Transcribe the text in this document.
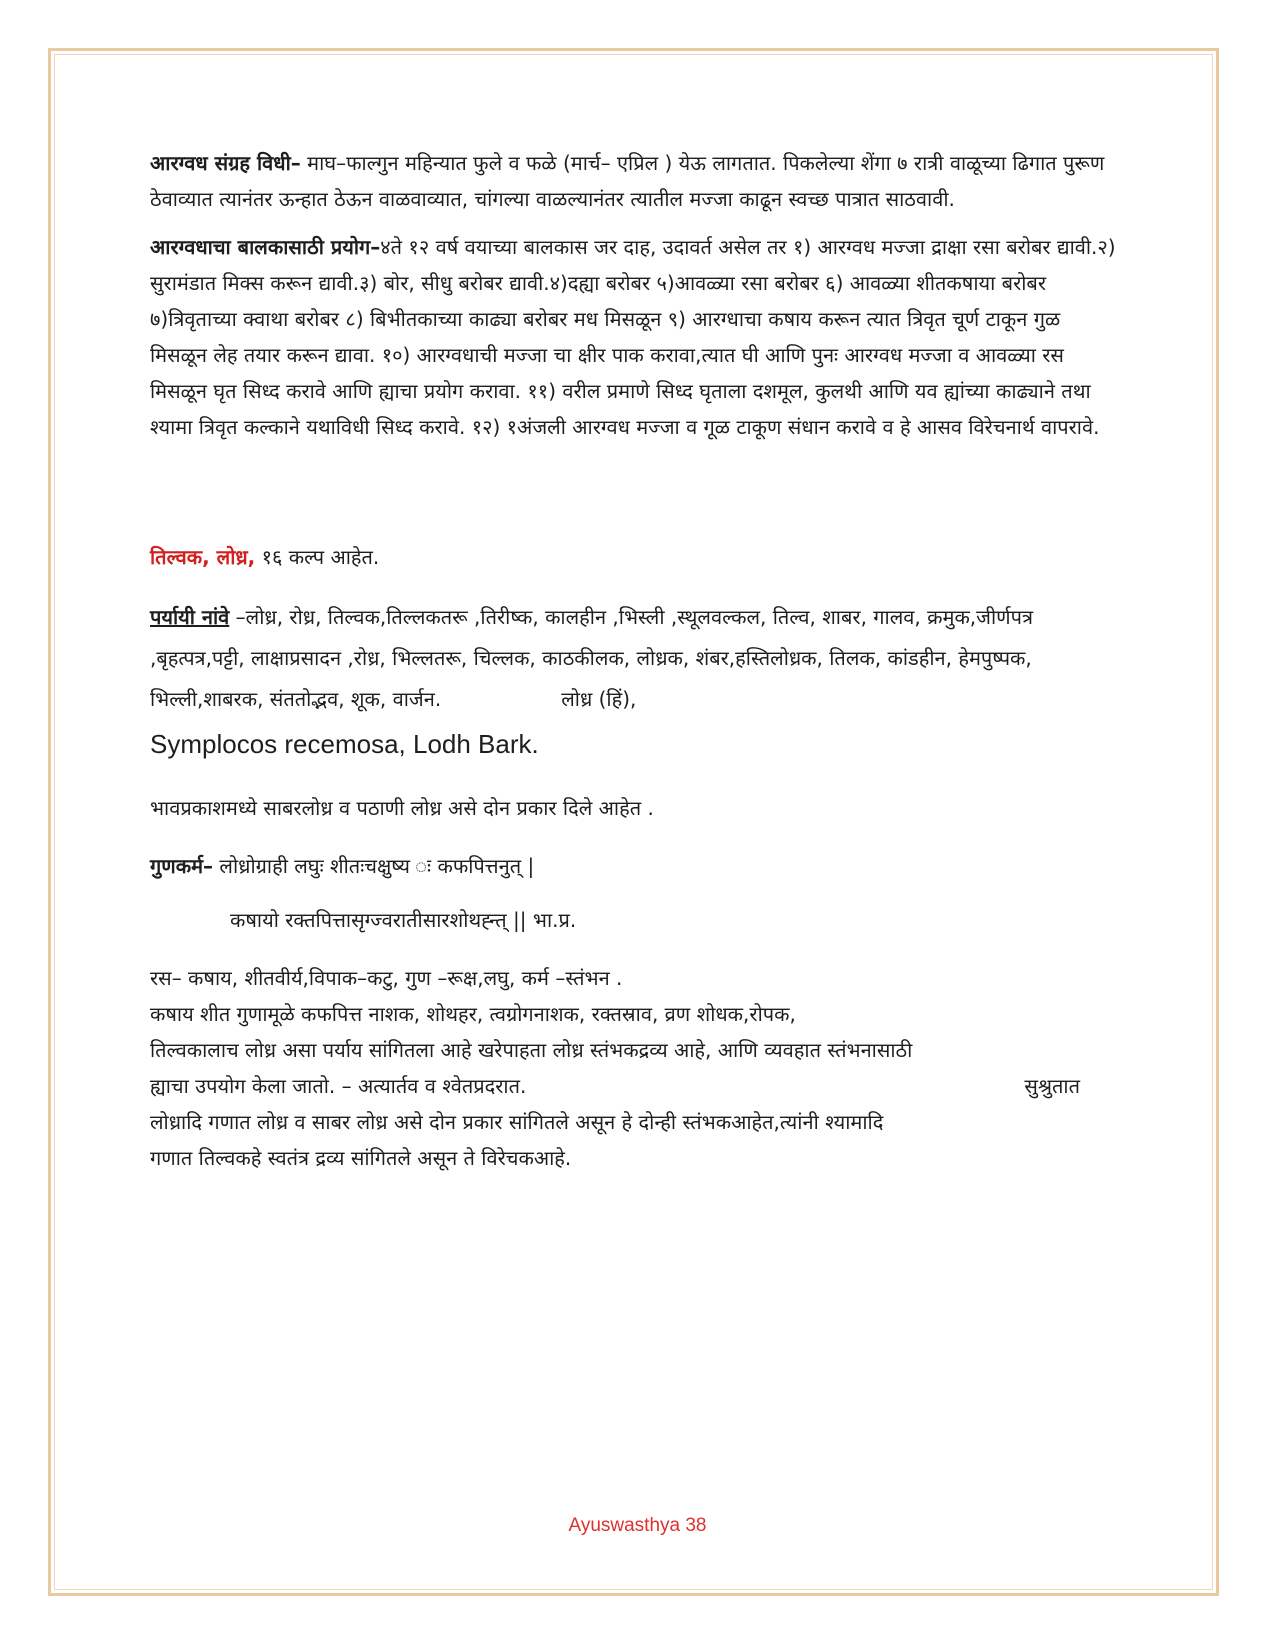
आरग्वध संग्रह विधी– माघ–फाल्गुन महिन्यात फुले व फळे (मार्च– एप्रिल ) येऊ लागतात. पिकलेल्या शेंगा ७ रात्री वाळूच्या ढिगात पुरूण ठेवाव्यात त्यानंतर ऊन्हात ठेऊन वाळवाव्यात, चांगल्या वाळल्यानंतर त्यातील मज्जा काढून स्वच्छ पात्रात साठवावी.

आरग्वधाचा बालकासाठी प्रयोग–४ते १२ वर्ष वयाच्या बालकास जर दाह, उदावर्त असेल तर १) आरग्वध मज्जा द्राक्षा रसा बरोबर द्यावी.२) सुरामंडात मिक्स करून द्यावी.३) बोर, सीधु बरोबर द्यावी.४)दह्या बरोबर ५)आवळ्या रसा बरोबर ६) आवळ्या शीतकषाया बरोबर ७)त्रिवृताच्या क्वाथा बरोबर ८) बिभीतकाच्या काढ्या बरोबर मध मिसळून ९) आरग्धाचा कषाय करून त्यात त्रिवृत चूर्ण टाकून गुळ मिसळून लेह तयार करून द्यावा. १०) आरग्वधाची मज्जा चा क्षीर पाक करावा,त्यात घी आणि पुनः आरग्वध मज्जा व आवळ्या रस मिसळून घृत सिध्द करावे आणि ह्याचा प्रयोग करावा. ११) वरील प्रमाणे सिध्द घृताला दशमूल, कुलथी आणि यव ह्यांच्या काढ्याने तथा श्यामा त्रिवृत कल्काने यथाविधी सिध्द करावे. १२) १अंजली आरग्वध मज्जा व गूळ टाकूण संधान करावे व हे आसव विरेचनार्थ वापरावे.

तिल्वक, लोध्र, १६ कल्प आहेत.

पर्यायी नांवे –लोध्र, रोध्र, तिल्वक,तिल्लकतरू ,तिरीष्क, कालहीन ,भिस्ली ,स्थूलवल्कल, तिल्व, शाबर, गालव, क्रमुक,जीर्णपत्र ,बृहत्पत्र,पट्टी, लाक्षाप्रसादन ,रोध्र, भिल्लतरू, चिल्लक, काठकीलक, लोध्रक, शंबर,हस्तिलोध्रक, तिलक, कांडहीन, हेमपुष्पक, भिल्ली,शाबरक, संततोद्भव, शूक, वार्जन.	लोध्र (हिं),

Symplocos recemosa, Lodh Bark.

भावप्रकाशमध्ये साबरलोध्र व पठाणी लोध्र असे दोन प्रकार दिले आहेत .

गुणकर्म– लोध्रोग्राही लघुः शीतःचक्षुष्य ः कफपित्तनुत् |

कषायो रक्तपित्तासृग्ज्वरातीसारशोथह्न्त् || भा.प्र.

रस– कषाय, शीतवीर्य,विपाक–कटु, गुण –रूक्ष,लघु, कर्म –स्तंभन .
कषाय शीत गुणामूळे कफपित्त नाशक, शोथहर, त्वग्रोगनाशक, रक्तस्राव, व्रण शोधक,रोपक,
तिल्वकालाच लोध्र असा पर्याय सांगितला आहे खरेपाहता लोध्र स्तंभकद्रव्य आहे, आणि व्यवहात स्तंभनासाठी
ह्याचा उपयोग केला जातो. – अत्यार्तव व श्वेतप्रदरात.	सुश्रुतात
लोध्रादि गणात लोध्र व साबर लोध्र असे दोन प्रकार सांगितले असून हे दोन्ही स्तंभकआहेत,त्यांनी श्यामादि
गणात तिल्वकहे स्वतंत्र द्रव्य सांगितले असून ते विरेचकआहे.
Ayuswasthya 38
